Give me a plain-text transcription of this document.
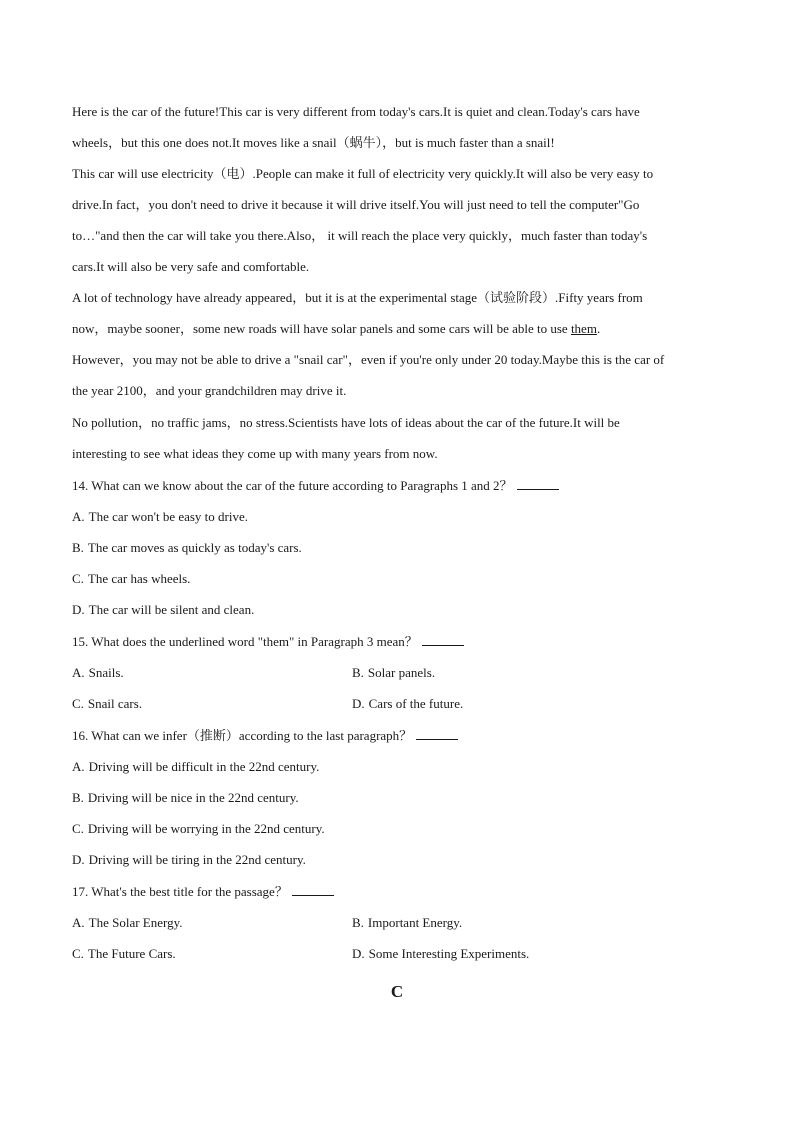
Here is the car of the future!This car is very different from today's cars.It is quiet and clean.Today's cars have
wheels，but this one does not.It moves like a snail（蜗牛），but is much faster than a snail!
This car will use electricity（电）.People can make it full of electricity very quickly.It will also be very easy to
drive.In fact，you don't need to drive it because it will drive itself.You will just need to tell the computer"Go
to…"and then the car will take you there.Also， it will reach the place very quickly，much faster than today's
cars.It will also be very safe and comfortable.
A lot of technology have already appeared，but it is at the experimental stage（试验阶段）.Fifty years from
now，maybe sooner，some new roads will have solar panels and some cars will be able to use them.
However，you may not be able to drive a "snail car"，even if you're only under 20 today.Maybe this is the car of
the year 2100，and your grandchildren may drive it.
No pollution，no traffic jams，no stress.Scientists have lots of ideas about the car of the future.It will be
interesting to see what ideas they come up with many years from now.
14. What can we know about the car of the future according to Paragraphs 1 and 2？
A. The car won't be easy to drive.
B. The car moves as quickly as today's cars.
C. The car has wheels.
D. The car will be silent and clean.
15. What does the underlined word "them" in Paragraph 3 mean？
A. Snails.	B. Solar panels.
C. Snail cars.	D. Cars of the future.
16. What can we infer（推断）according to the last paragraph？
A. Driving will be difficult in the 22nd century.
B. Driving will be nice in the 22nd century.
C. Driving will be worrying in the 22nd century.
D. Driving will be tiring in the 22nd century.
17. What's the best title for the passage？
A. The Solar Energy.	B. Important Energy.
C. The Future Cars.	D. Some Interesting Experiments.
C
